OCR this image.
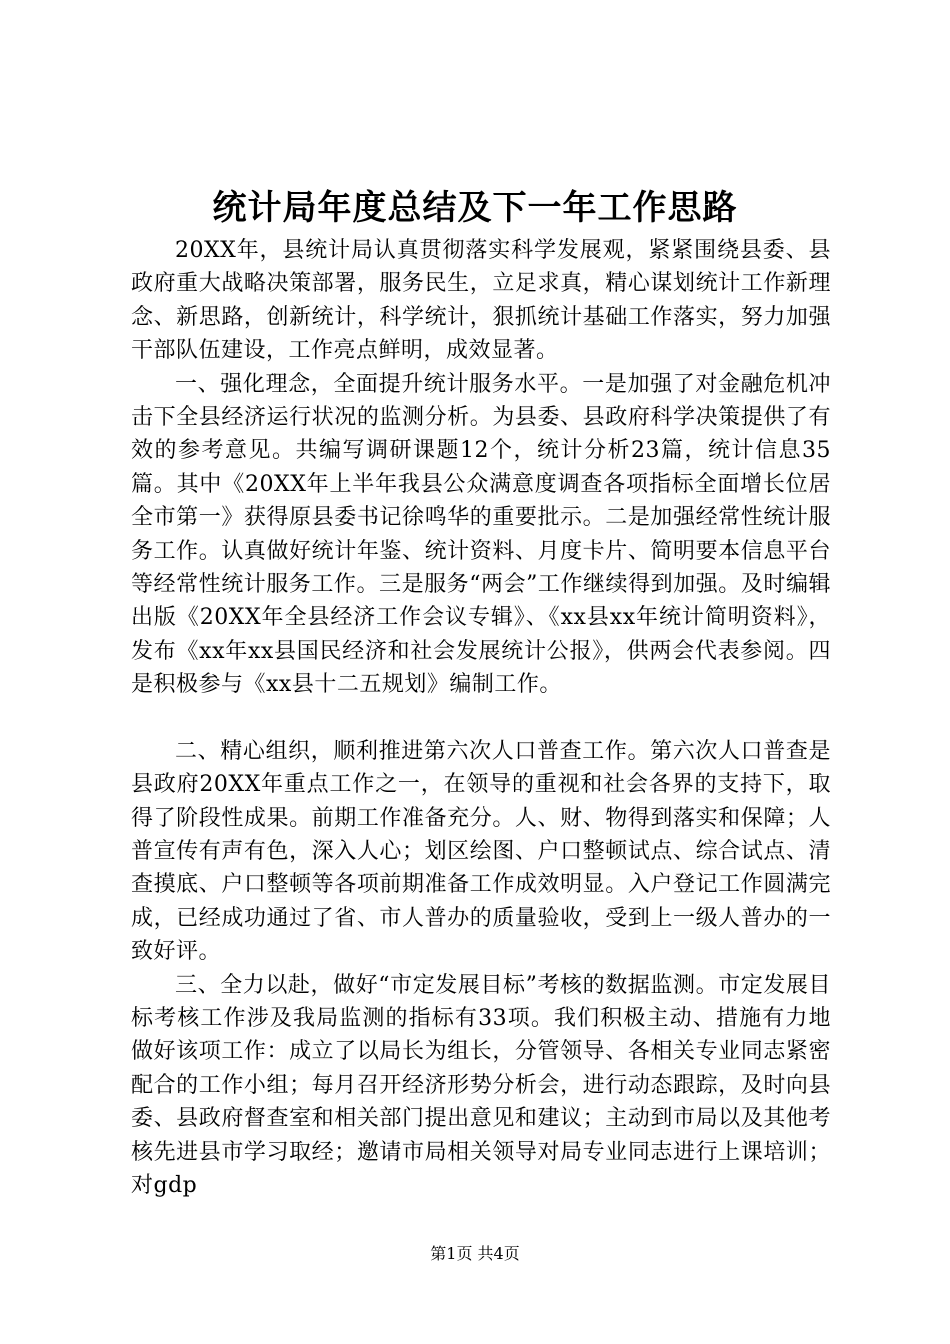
统计局年度总结及下一年工作思路

20XX年，县统计局认真贯彻落实科学发展观，紧紧围绕县委、县政府重大战略决策部署，服务民生，立足求真，精心谋划统计工作新理念、新思路，创新统计，科学统计，狠抓统计基础工作落实，努力加强干部队伍建设，工作亮点鲜明，成效显著。

一、强化理念，全面提升统计服务水平。一是加强了对金融危机冲击下全县经济运行状况的监测分析。为县委、县政府科学决策提供了有效的参考意见。共编写调研课题12个，统计分析23篇，统计信息35篇。其中《20XX年上半年我县公众满意度调查各项指标全面增长位居全市第一》获得原县委书记徐鸣华的重要批示。二是加强经常性统计服务工作。认真做好统计年鉴、统计资料、月度卡片、简明要本信息平台等经常性统计服务工作。三是服务“两会”工作继续得到加强。及时编辑出版《20XX年全县经济工作会议专辑》、《xx县xx年统计简明资料》，发布《xx年xx县国民经济和社会发展统计公报》，供两会代表参阅。四是积极参与《xx县十二五规划》编制工作。

二、精心组织，顺利推进第六次人口普查工作。第六次人口普查是县政府20XX年重点工作之一，在领导的重视和社会各界的支持下，取得了阶段性成果。前期工作准备充分。人、财、物得到落实和保障；人普宣传有声有色，深入人心；划区绘图、户口整顿试点、综合试点、清查摸底、户口整顿等各项前期准备工作成效明显。入户登记工作圆满完成，已经成功通过了省、市人普办的质量验收，受到上一级人普办的一致好评。

三、全力以赴，做好“市定发展目标”考核的数据监测。市定发展目标考核工作涉及我局监测的指标有33项。我们积极主动、措施有力地做好该项工作：成立了以局长为组长，分管领导、各相关专业同志紧密配合的工作小组；每月召开经济形势分析会，进行动态跟踪，及时向县委、县政府督查室和相关部门提出意见和建议；主动到市局以及其他考核先进县市学习取经；邀请市局相关领导对局专业同志进行上课培训；对gdp

第1页 共4页
